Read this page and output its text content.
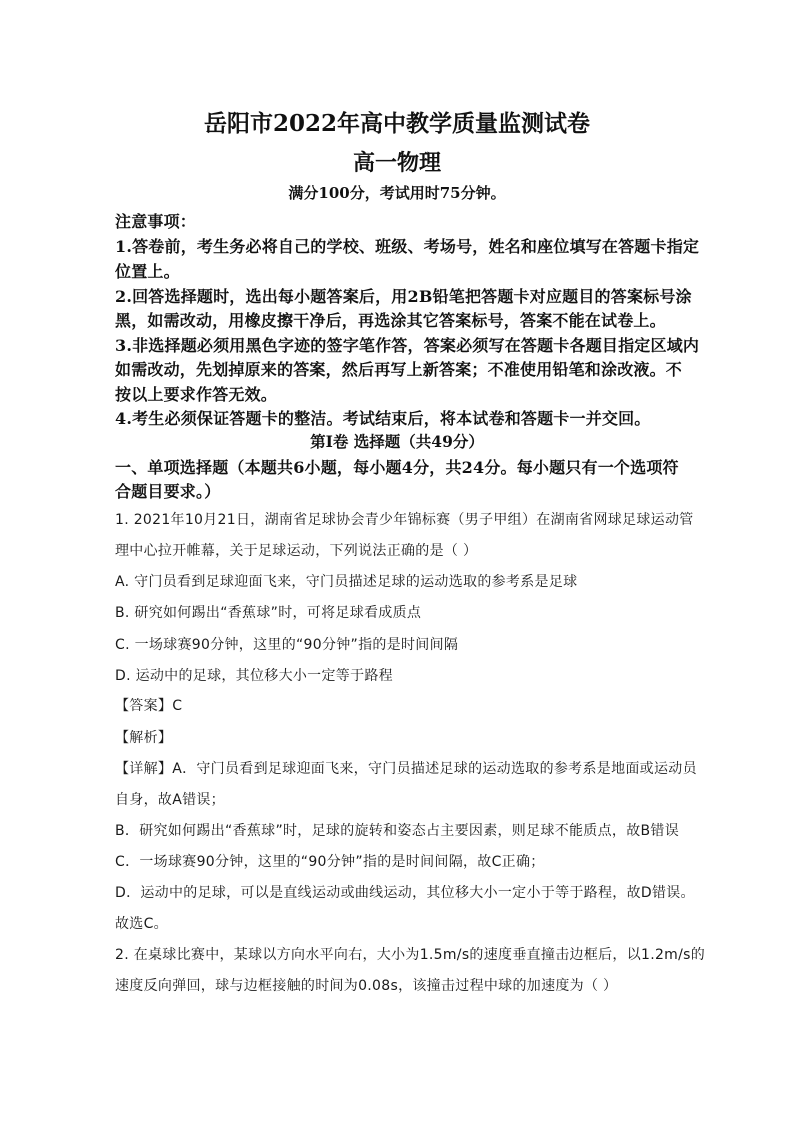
岳阳市2022年高中教学质量监测试卷
高一物理
满分100分，考试用时75分钟。
注意事项：
1.答卷前，考生务必将自己的学校、班级、考场号，姓名和座位填写在答题卡指定
位置上。
2.回答选择题时，选出每小题答案后，用2B铅笔把答题卡对应题目的答案标号涂
黑，如需改动，用橡皮擦干净后，再选涂其它答案标号，答案不能在试卷上。
3.非选择题必须用黑色字迹的签字笔作答，答案必须写在答题卡各题目指定区域内
如需改动，先划掉原来的答案，然后再写上新答案；不准使用铅笔和涂改液。不
按以上要求作答无效。
4.考生必须保证答题卡的整洁。考试结束后，将本试卷和答题卡一并交回。
第Ⅰ卷 选择题（共49分）
一、单项选择题（本题共6小题，每小题4分，共24分。每小题只有一个选项符
合题目要求。）
1. 2021年10月21日，湖南省足球协会青少年锦标赛（男子甲组）在湖南省网球足球运动管
理中心拉开帷幕，关于足球运动，下列说法正确的是（ ）
A. 守门员看到足球迎面飞来，守门员描述足球的运动选取的参考系是足球
B. 研究如何踢出“香蕉球”时，可将足球看成质点
C. 一场球赛90分钟，这里的“90分钟”指的是时间间隔
D. 运动中的足球，其位移大小一定等于路程
【答案】C
【解析】
【详解】A．守门员看到足球迎面飞来，守门员描述足球的运动选取的参考系是地面或运动员
自身，故A错误；
B．研究如何踢出“香蕉球”时，足球的旋转和姿态占主要因素，则足球不能质点，故B错误
C．一场球赛90分钟，这里的“90分钟”指的是时间间隔，故C正确；
D．运动中的足球，可以是直线运动或曲线运动，其位移大小一定小于等于路程，故D错误。
故选C。
2. 在桌球比赛中，某球以方向水平向右，大小为1.5m/s的速度垂直撞击边框后，以1.2m/s的
速度反向弹回，球与边框接触的时间为0.08s，该撞击过程中球的加速度为（ ）
